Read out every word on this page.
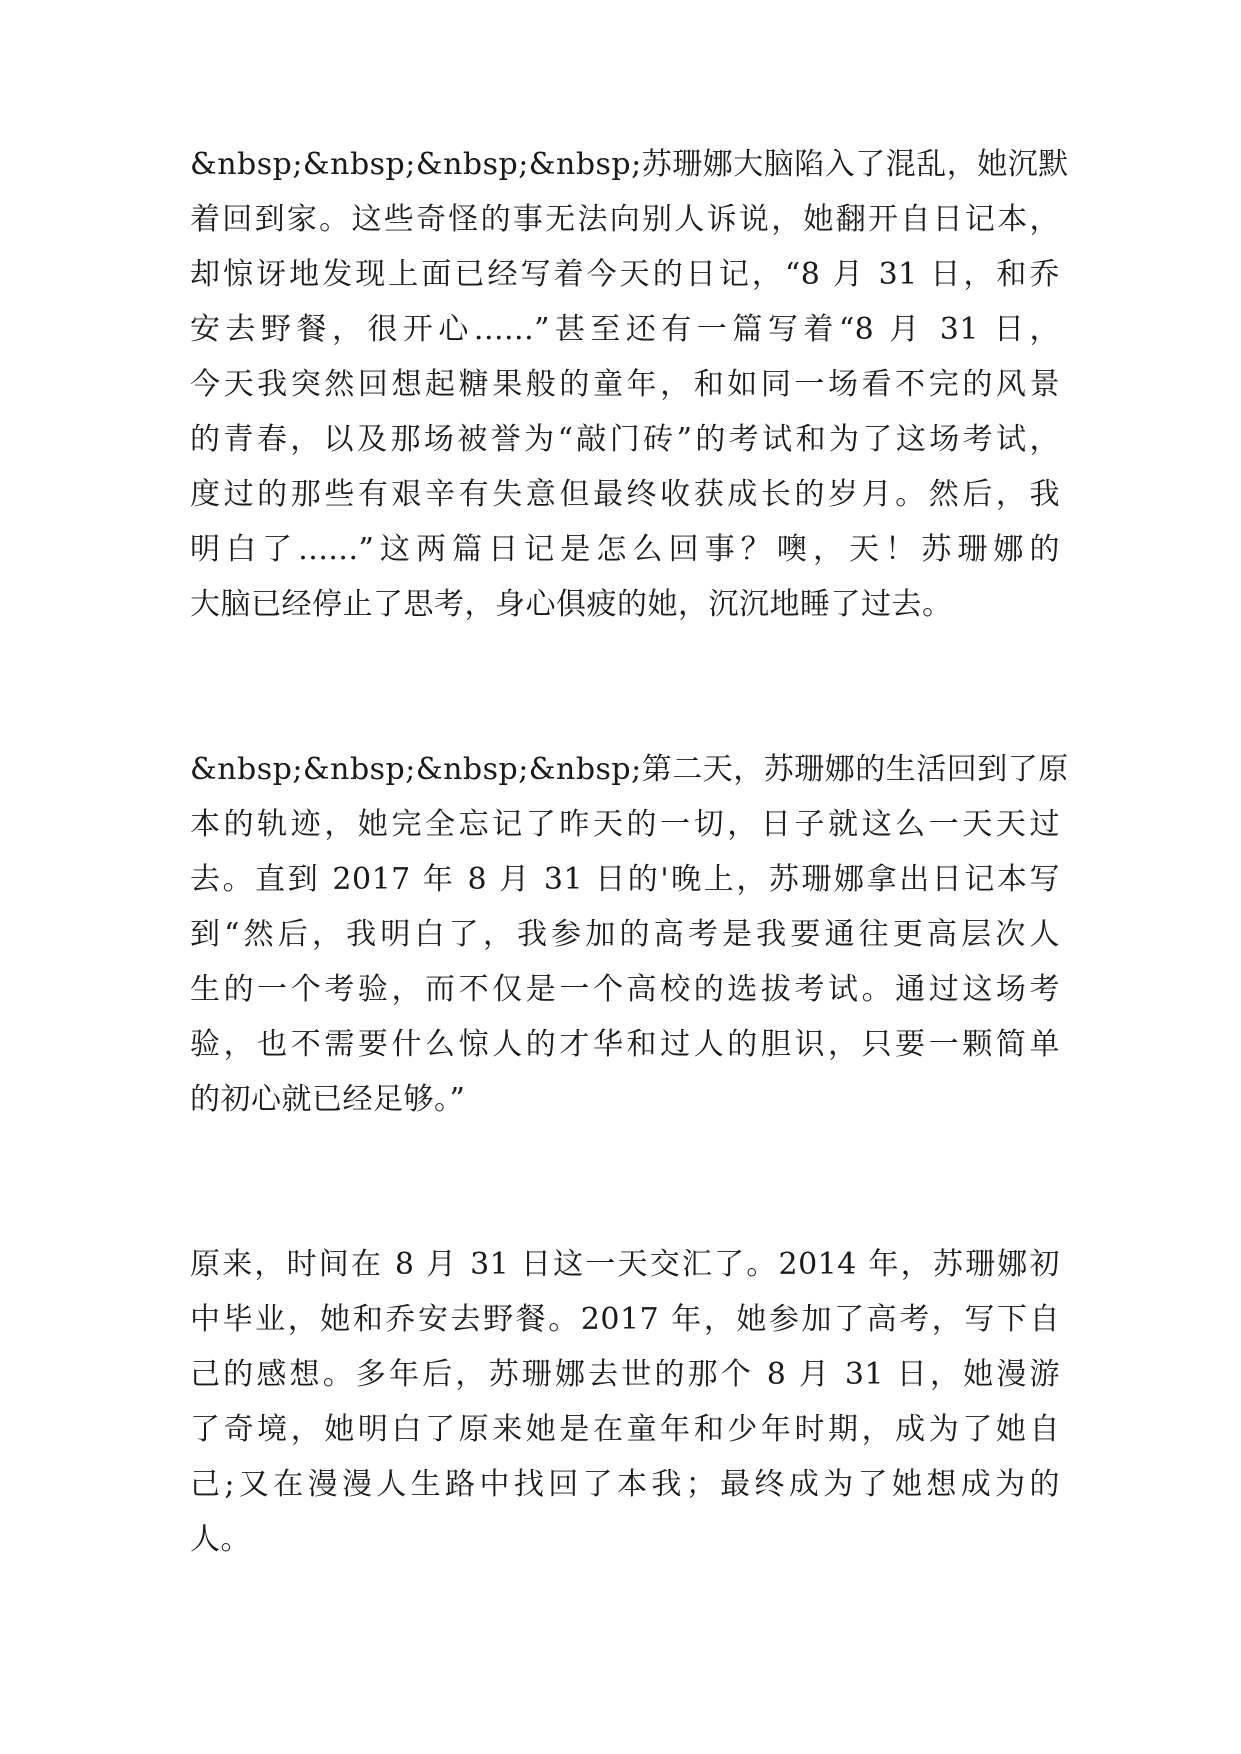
&nbsp;&nbsp;&nbsp;&nbsp;苏珊娜大脑陷入了混乱，她沉默
着回到家。这些奇怪的事无法向别人诉说，她翻开自日记本，
却惊讶地发现上面已经写着今天的日记，“8 月 31 日，和乔
安去野餐，很开心......”甚至还有一篇写着“8 月 31 日，
今天我突然回想起糖果般的童年，和如同一场看不完的风景
的青春，以及那场被誉为“敲门砖”的考试和为了这场考试，
度过的那些有艰辛有失意但最终收获成长的岁月。然后，我
明白了......”这两篇日记是怎么回事？噢，天！苏珊娜的
大脑已经停止了思考，身心俱疲的她，沉沉地睡了过去。
&nbsp;&nbsp;&nbsp;&nbsp;第二天，苏珊娜的生活回到了原
本的轨迹，她完全忘记了昨天的一切，日子就这么一天天过
去。直到 2017 年 8 月 31 日的'晚上，苏珊娜拿出日记本写
到“然后，我明白了，我参加的高考是我要通往更高层次人
生的一个考验，而不仅是一个高校的选拔考试。通过这场考
验，也不需要什么惊人的才华和过人的胆识，只要一颗简单
的初心就已经足够。”
原来，时间在 8 月 31 日这一天交汇了。2014 年，苏珊娜初
中毕业，她和乔安去野餐。2017 年，她参加了高考，写下自
己的感想。多年后，苏珊娜去世的那个 8 月 31 日，她漫游
了奇境，她明白了原来她是在童年和少年时期，成为了她自
己;又在漫漫人生路中找回了本我；最终成为了她想成为的
人。
